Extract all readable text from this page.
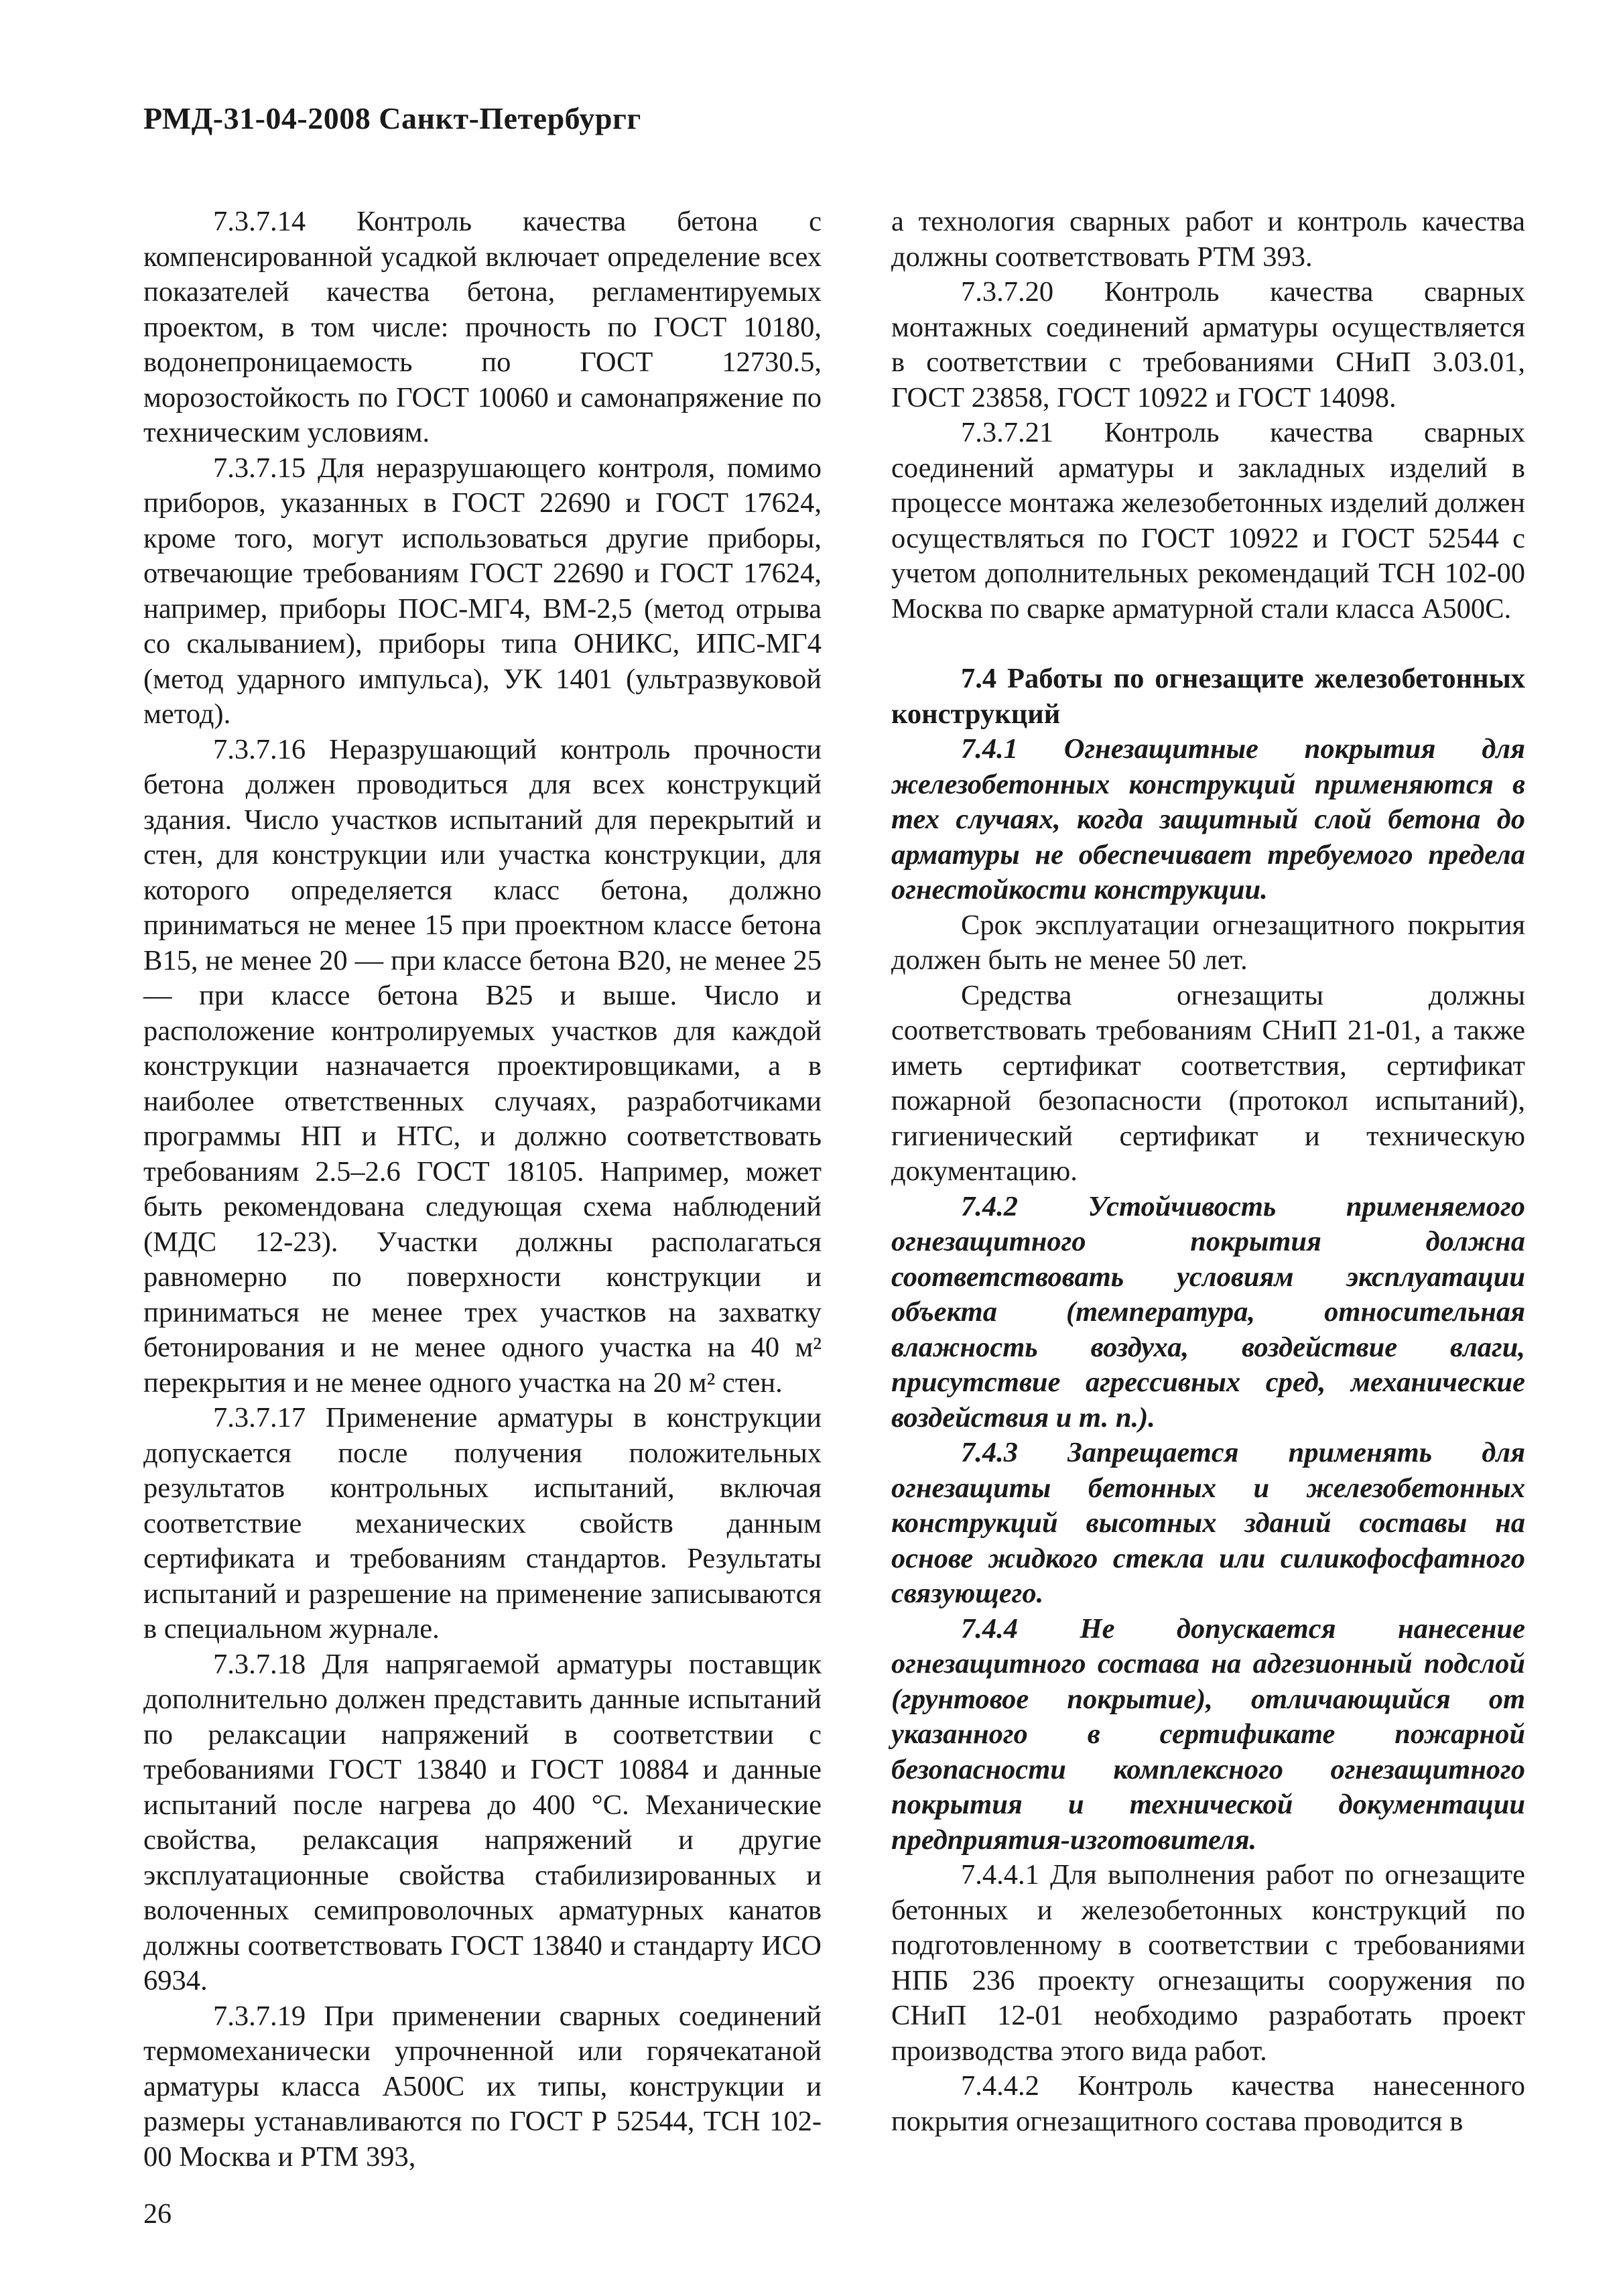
РМД-31-04-2008 Санкт-Петербургг

7.3.7.14 Контроль качества бетона с компенсированной усадкой включает определение всех показателей качества бетона, регламентируемых проектом, в том числе: прочность по ГОСТ 10180, водонепроницаемость по ГОСТ 12730.5, морозостойкость по ГОСТ 10060 и самонапряжение по техническим условиям.

7.3.7.15 Для неразрушающего контроля, помимо приборов, указанных в ГОСТ 22690 и ГОСТ 17624, кроме того, могут использоваться другие приборы, отвечающие требованиям ГОСТ 22690 и ГОСТ 17624, например, приборы ПОС-МГ4, ВМ-2,5 (метод отрыва со скалыванием), приборы типа ОНИКС, ИПС-МГ4 (метод ударного импульса), УК 1401 (ультразвуковой метод).

7.3.7.16 Неразрушающий контроль прочности бетона должен проводиться для всех конструкций здания. Число участков испытаний для перекрытий и стен, для конструкции или участка конструкции, для которого определяется класс бетона, должно приниматься не менее 15 при проектном классе бетона В15, не менее 20 — при классе бетона В20, не менее 25 — при классе бетона В25 и выше. Число и расположение контролируемых участков для каждой конструкции назначается проектировщиками, а в наиболее ответственных случаях, разработчиками программы НП и НТС, и должно соответствовать требованиям 2.5–2.6 ГОСТ 18105. Например, может быть рекомендована следующая схема наблюдений (МДС 12-23). Участки должны располагаться равномерно по поверхности конструкции и приниматься не менее трех участков на захватку бетонирования и не менее одного участка на 40 м² перекрытия и не менее одного участка на 20 м² стен.

7.3.7.17 Применение арматуры в конструкции допускается после получения положительных результатов контрольных испытаний, включая соответствие механических свойств данным сертификата и требованиям стандартов. Результаты испытаний и разрешение на применение записываются в специальном журнале.

7.3.7.18 Для напрягаемой арматуры поставщик дополнительно должен представить данные испытаний по релаксации напряжений в соответствии с требованиями ГОСТ 13840 и ГОСТ 10884 и данные испытаний после нагрева до 400 °С. Механические свойства, релаксация напряжений и другие эксплуатационные свойства стабилизированных и волоченных семипроволочных арматурных канатов должны соответствовать ГОСТ 13840 и стандарту ИСО 6934.

7.3.7.19 При применении сварных соединений термомеханически упрочненной или горячекатаной арматуры класса А500С их типы, конструкции и размеры устанавливаются по ГОСТ Р 52544, ТСН 102-00 Москва и РТМ 393,

а технология сварных работ и контроль качества должны соответствовать РТМ 393.

7.3.7.20 Контроль качества сварных монтажных соединений арматуры осуществляется в соответствии с требованиями СНиП 3.03.01, ГОСТ 23858, ГОСТ 10922 и ГОСТ 14098.

7.3.7.21 Контроль качества сварных соединений арматуры и закладных изделий в процессе монтажа железобетонных изделий должен осуществляться по ГОСТ 10922 и ГОСТ 52544 с учетом дополнительных рекомендаций ТСН 102-00 Москва по сварке арматурной стали класса А500С.

7.4 Работы по огнезащите железобетонных конструкций

7.4.1 Огнезащитные покрытия для железобетонных конструкций применяются в тех случаях, когда защитный слой бетона до арматуры не обеспечивает требуемого предела огнестойкости конструкции.

Срок эксплуатации огнезащитного покрытия должен быть не менее 50 лет.

Средства огнезащиты должны соответствовать требованиям СНиП 21-01, а также иметь сертификат соответствия, сертификат пожарной безопасности (протокол испытаний), гигиенический сертификат и техническую документацию.

7.4.2 Устойчивость применяемого огнезащитного покрытия должна соответствовать условиям эксплуатации объекта (температура, относительная влажность воздуха, воздействие влаги, присутствие агрессивных сред, механические воздействия и т. п.).

7.4.3 Запрещается применять для огнезащиты бетонных и железобетонных конструкций высотных зданий составы на основе жидкого стекла или силикофосфатного связующего.

7.4.4 Не допускается нанесение огнезащитного состава на адгезионный подслой (грунтовое покрытие), отличающийся от указанного в сертификате пожарной безопасности комплексного огнезащитного покрытия и технической документации предприятия-изготовителя.

7.4.4.1 Для выполнения работ по огнезащите бетонных и железобетонных конструкций по подготовленному в соответствии с требованиями НПБ 236 проекту огнезащиты сооружения по СНиП 12-01 необходимо разработать проект производства этого вида работ.

7.4.4.2 Контроль качества нанесенного покрытия огнезащитного состава проводится в

26
